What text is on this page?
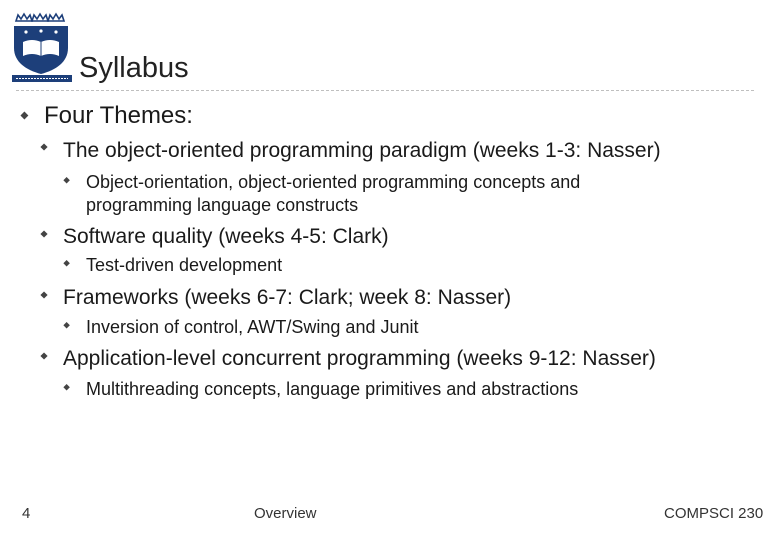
Syllabus
⯁ Four Themes:
⯁ The object-oriented programming paradigm (weeks 1-3: Nasser)
⯁ Object-orientation, object-oriented programming concepts and programming language constructs
⯁ Software quality (weeks 4-5: Clark)
⯁ Test-driven development
⯁ Frameworks (weeks 6-7: Clark; week 8: Nasser)
⯁ Inversion of control, AWT/Swing and Junit
⯁ Application-level concurrent programming (weeks 9-12: Nasser)
⯁ Multithreading concepts, language primitives and abstractions
4	Overview	COMPSCI 230
